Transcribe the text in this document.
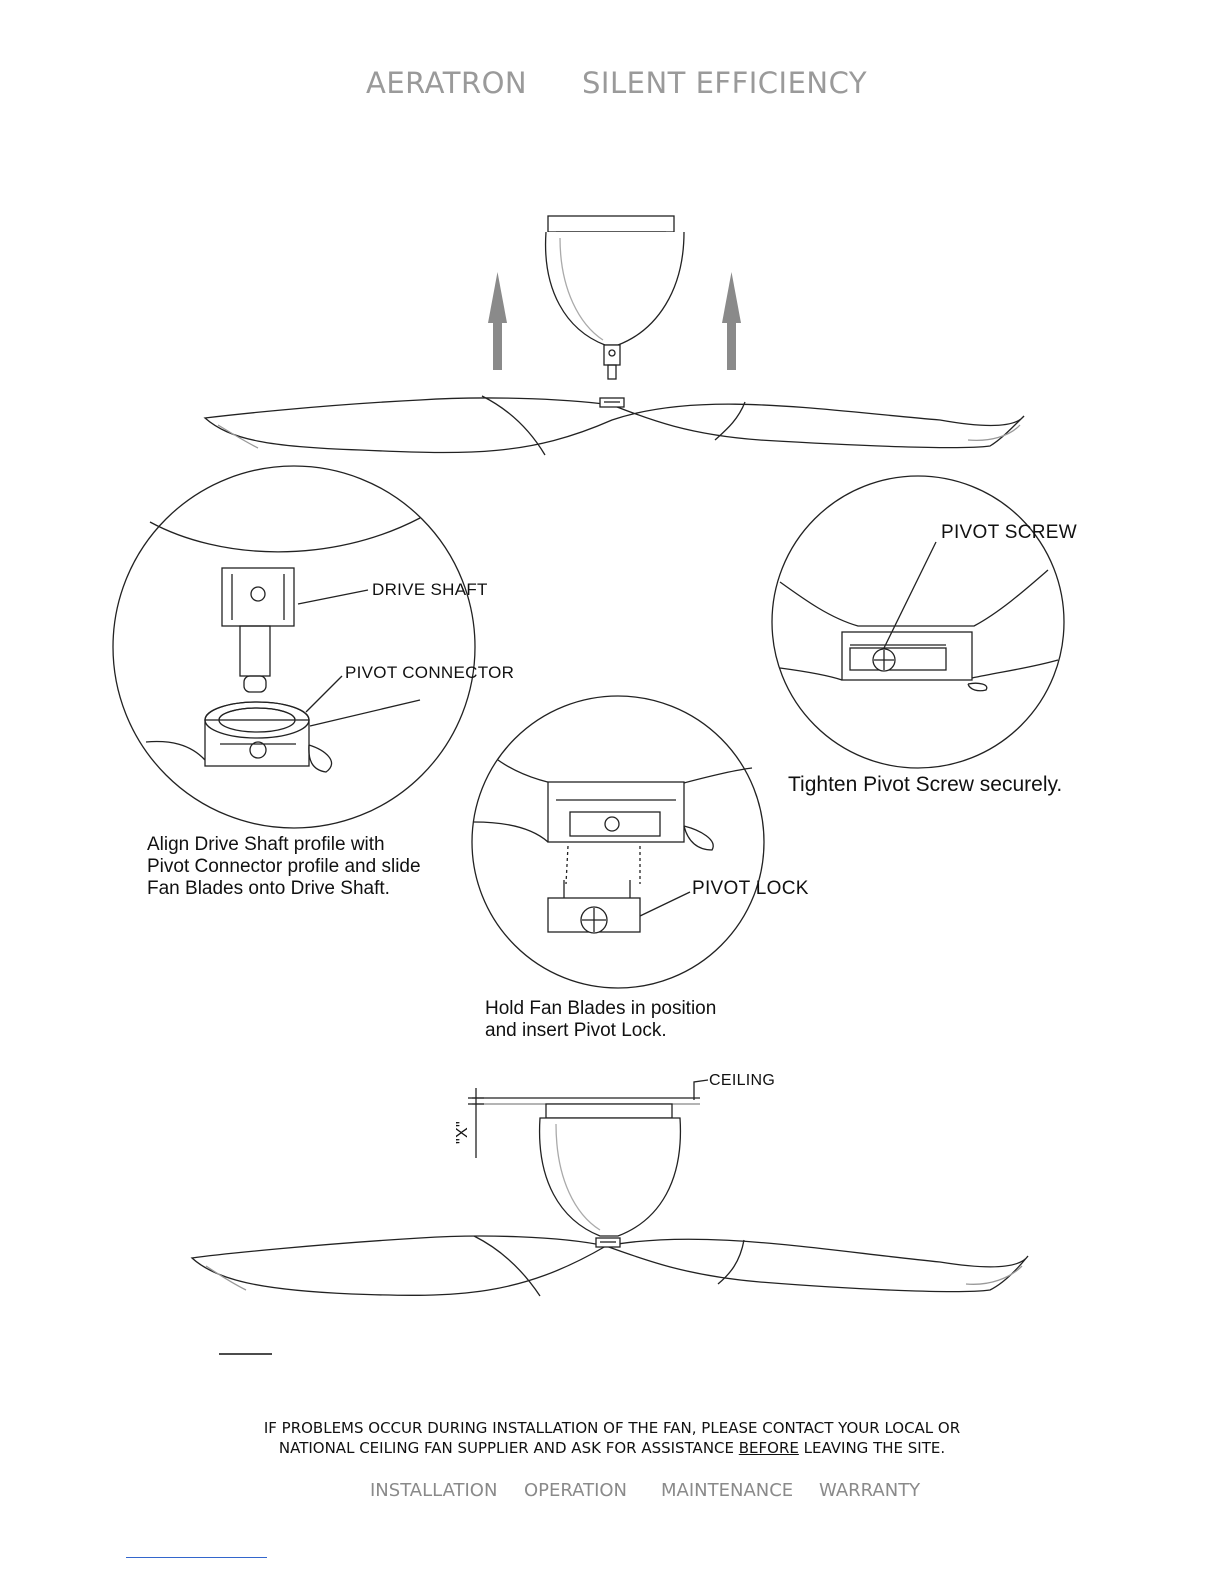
AERATRON SILENT EFFICIENCY
DRIVE SHAFT
PIVOT CONNECTOR
PIVOT SCREW
PIVOT LOCK
CEILING
"X"
Align Drive Shaft profile with
Pivot Connector profile and slide
Fan Blades onto Drive Shaft.
Tighten Pivot Screw securely.
Hold Fan Blades in position
and insert Pivot Lock.
IF PROBLEMS OCCUR DURING INSTALLATION OF THE FAN, PLEASE CONTACT YOUR LOCAL OR
NATIONAL CEILING FAN SUPPLIER AND ASK FOR ASSISTANCE BEFORE LEAVING THE SITE.
INSTALLATION OPERATION MAINTENANCE WARRANTY
